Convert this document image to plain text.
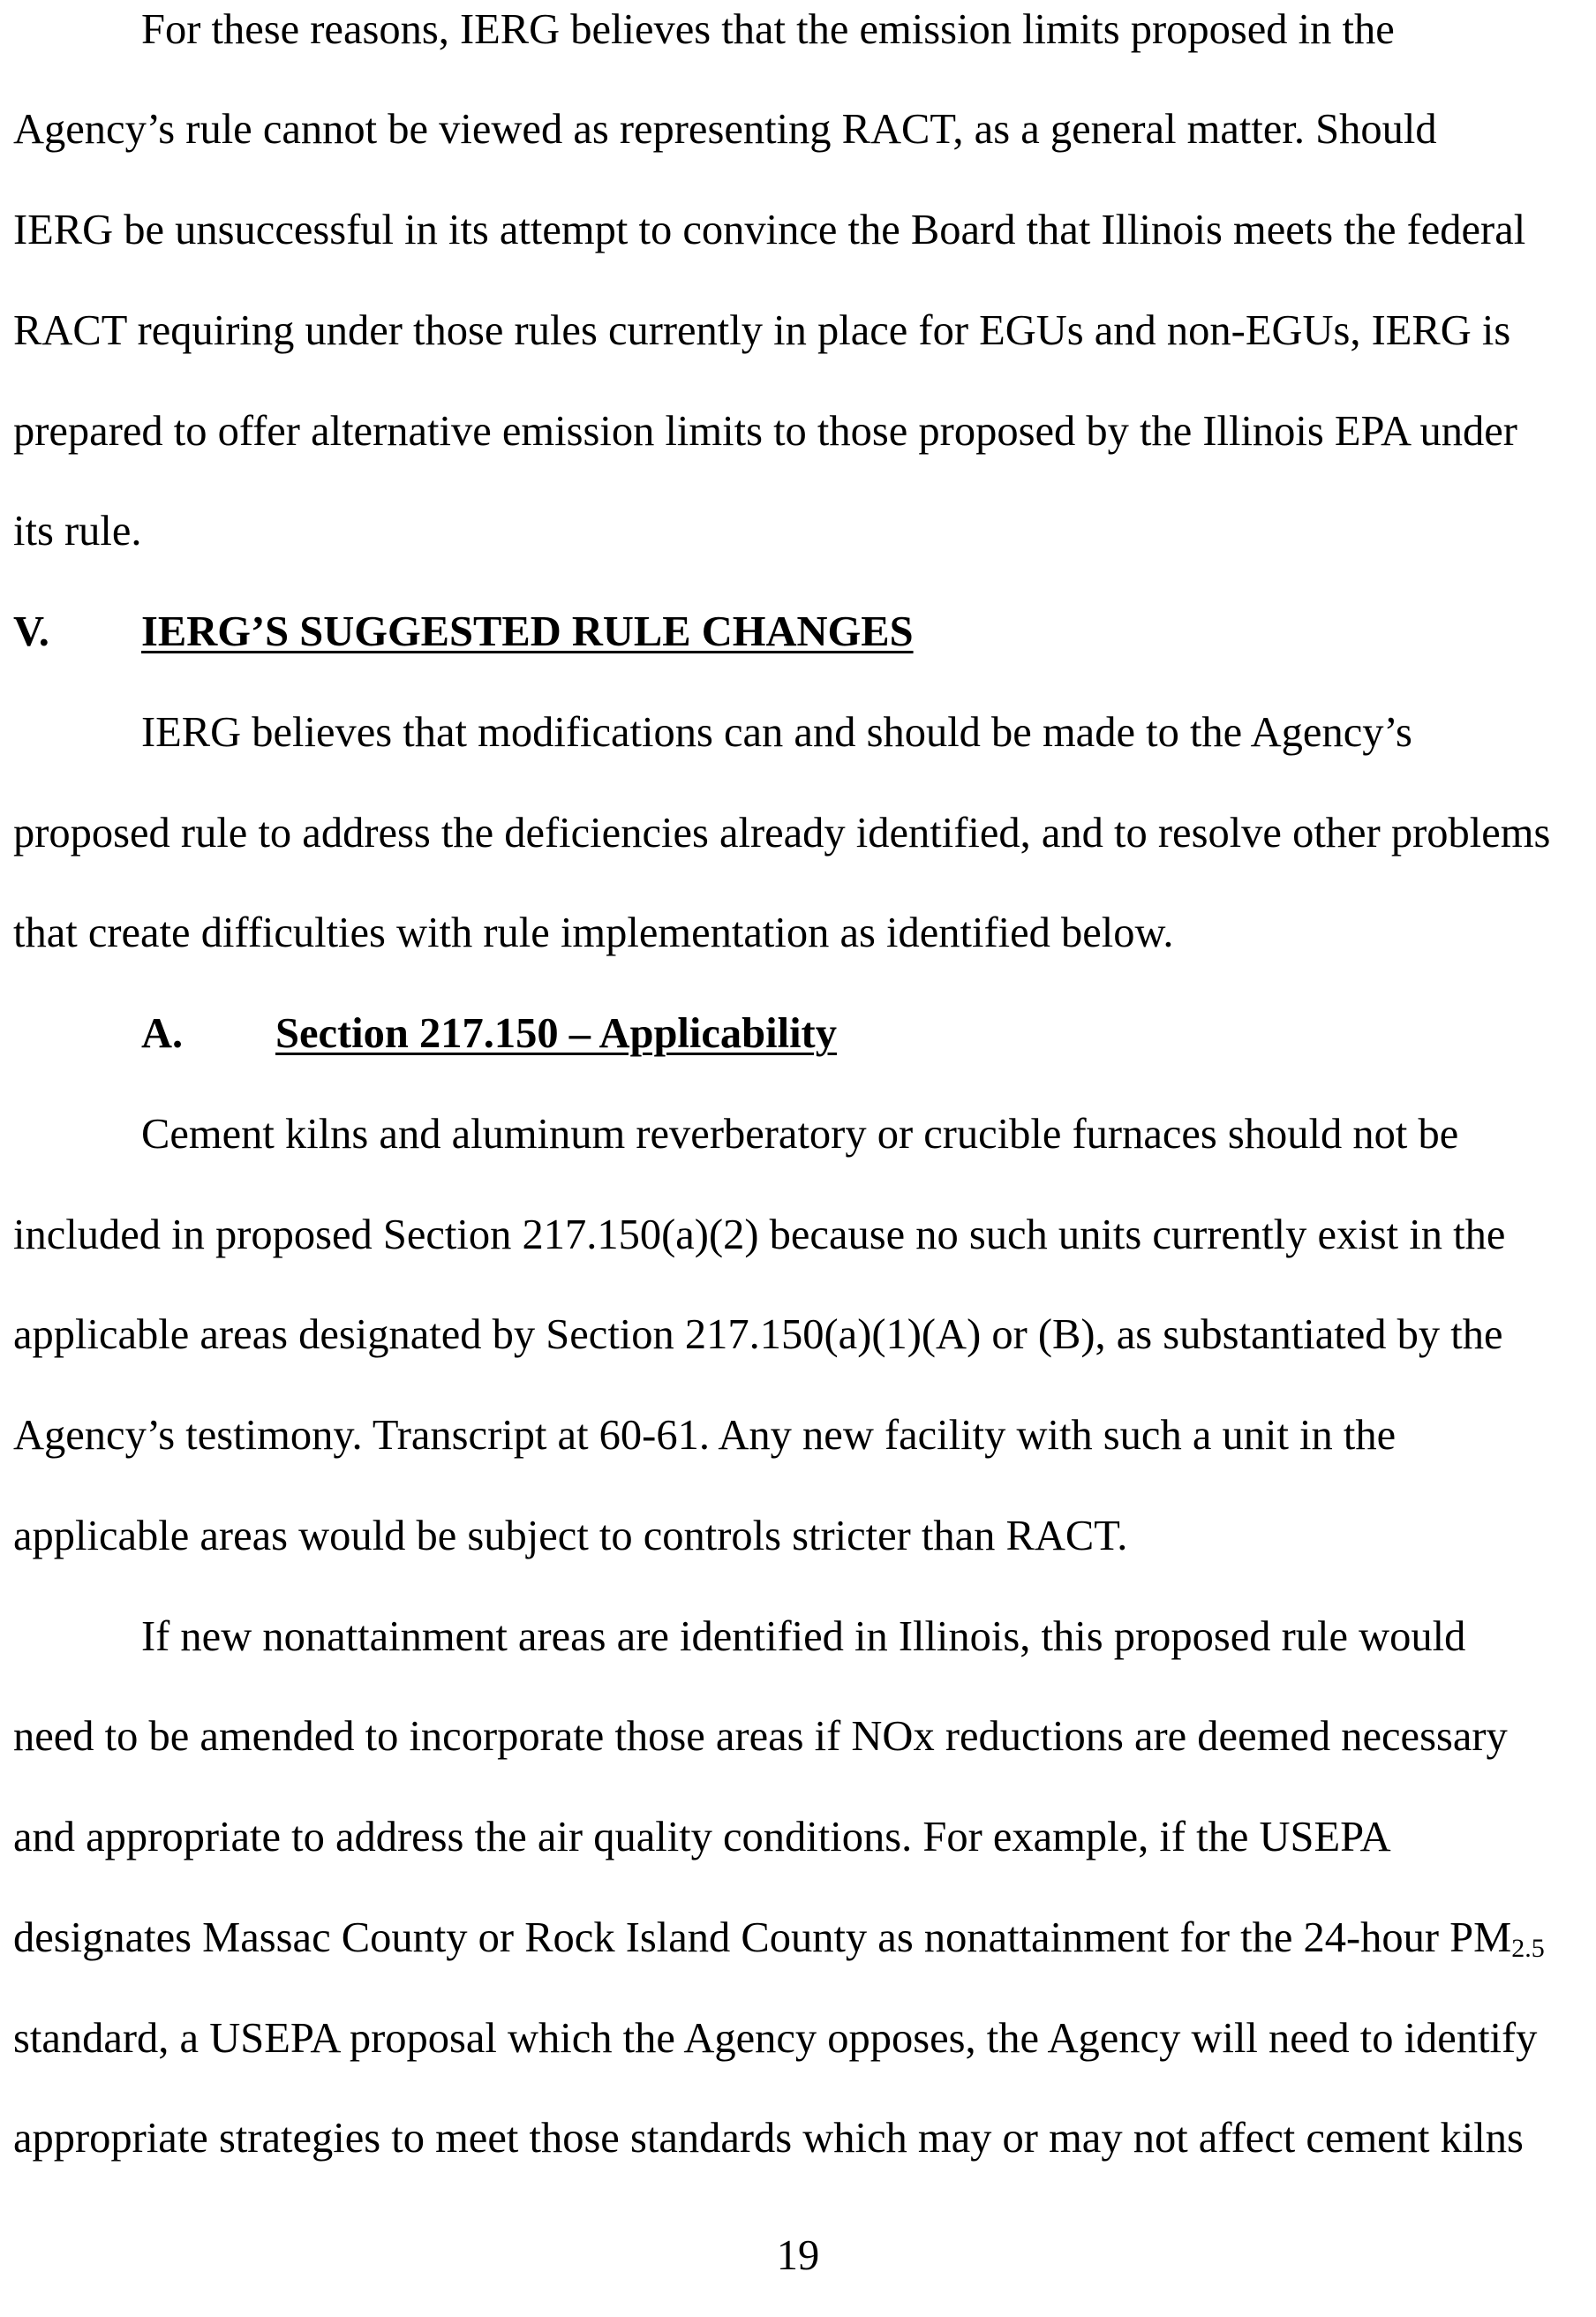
For these reasons, IERG believes that the emission limits proposed in the
Agency’s rule cannot be viewed as representing RACT, as a general matter. Should
IERG be unsuccessful in its attempt to convince the Board that Illinois meets the federal
RACT requiring under those rules currently in place for EGUs and non-EGUs, IERG is
prepared to offer alternative emission limits to those proposed by the Illinois EPA under
its rule.
V. IERG’S SUGGESTED RULE CHANGES
IERG believes that modifications can and should be made to the Agency’s
proposed rule to address the deficiencies already identified, and to resolve other problems
that create difficulties with rule implementation as identified below.
A. Section 217.150 – Applicability
Cement kilns and aluminum reverberatory or crucible furnaces should not be
included in proposed Section 217.150(a)(2) because no such units currently exist in the
applicable areas designated by Section 217.150(a)(1)(A) or (B), as substantiated by the
Agency’s testimony. Transcript at 60-61. Any new facility with such a unit in the
applicable areas would be subject to controls stricter than RACT.
If new nonattainment areas are identified in Illinois, this proposed rule would
need to be amended to incorporate those areas if NOx reductions are deemed necessary
and appropriate to address the air quality conditions. For example, if the USEPA
designates Massac County or Rock Island County as nonattainment for the 24-hour $PM_{2.5}$
standard, a USEPA proposal which the Agency opposes, the Agency will need to identify
appropriate strategies to meet those standards which may or may not affect cement kilns
19
